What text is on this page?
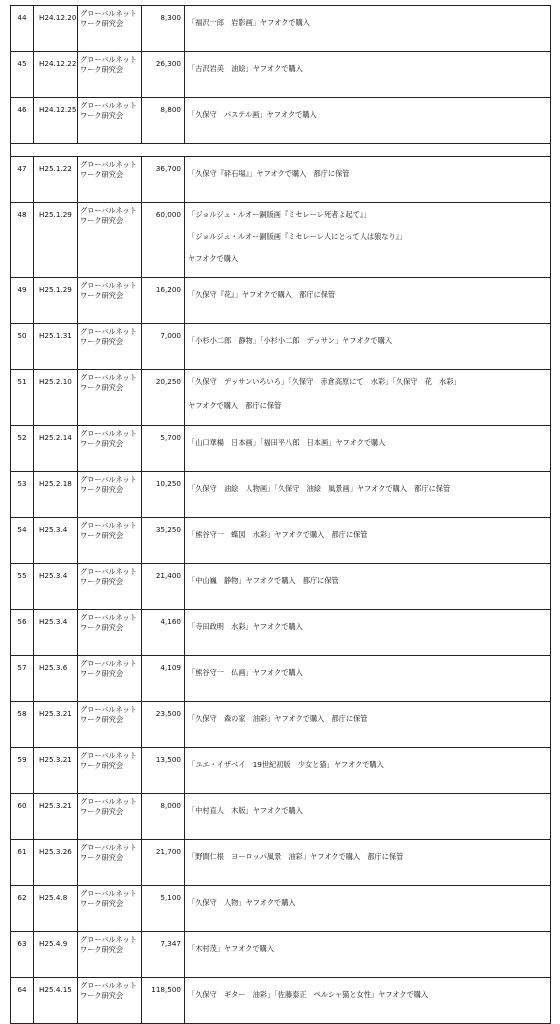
44	H24.12.20	グローバルネットワーク研究会	8,300	「福沢一郎　岩影画」ヤフオクで購入

45	H24.12.22	グローバルネットワーク研究会	26,300	「古沢岩美　油絵」ヤフオクで購入

46	H24.12.25	グローバルネットワーク研究会	8,800	「久保守　パステル画」ヤフオクで購入

47	H25.1.22	グローバルネットワーク研究会	36,700	「久保守『砕石場』」ヤフオクで購入　都庁に保管

48	H25.1.29	グローバルネットワーク研究会	60,000	「ジョルジュ・ルオー銅版画『ミセレーレ死者よ起て』」
「ジョルジュ・ルオー銅版画『ミセレーレ人にとって人は狼なり』」
ヤフオクで購入

49	H25.1.29	グローバルネットワーク研究会	16,200	「久保守『花』」ヤフオクで購入　都庁に保管

50	H25.1.31	グローバルネットワーク研究会	7,000	「小杉小二郎　静物」「小杉小二郎　デッサン」ヤフオクで購入

51	H25.2.10	グローバルネットワーク研究会	20,250	「久保守　デッサンいろいろ」「久保守　赤倉高原にて　水彩」「久保守　花　水彩」
ヤフオクで購入　都庁に保管

52	H25.2.14	グローバルネットワーク研究会	5,700	「山口華楊　日本画」「福田平八郎　日本画」ヤフオクで購入

53	H25.2.18	グローバルネットワーク研究会	10,250	「久保守　油絵　人物画」「久保守　油絵　風景画」ヤフオクで購入　都庁に保管

54	H25.3.4	グローバルネットワーク研究会	35,250	「熊谷守一　蝶図　水彩」ヤフオクで購入　都庁に保管

55	H25.3.4	グローバルネットワーク研究会	21,400	「中山巍　静物」ヤフオクで購入　都庁に保管

56	H25.3.4	グローバルネットワーク研究会	4,160	「寺田政明　水彩」ヤフオクで購入

57	H25.3.6	グローバルネットワーク研究会	4,109	「熊谷守一　仏画」ヤフオクで購入

58	H25.3.21	グローバルネットワーク研究会	23,500	「久保守　森の家　油彩」ヤフオクで購入　都庁に保管

59	H25.3.21	グローバルネットワーク研究会	13,500	「ユエ・イザベイ　19世紀初版　少女と猫」ヤフオクで購入

60	H25.3.21	グローバルネットワーク研究会	8,000	「中村直人　木版」ヤフオクで購入

61	H25.3.26	グローバルネットワーク研究会	21,700	「野間仁根　ヨーロッパ風景　油彩」ヤフオクで購入　都庁に保管

62	H25.4.8	グローバルネットワーク研究会	5,100	「久保守　人物」ヤフオクで購入

63	H25.4.9	グローバルネットワーク研究会	7,347	「木村茂」ヤフオクで購入

64	H25.4.15	グローバルネットワーク研究会	118,500	「久保守　ギター　油彩」「佐藤泰正　ペルシャ猫と女性」ヤフオクで購入
